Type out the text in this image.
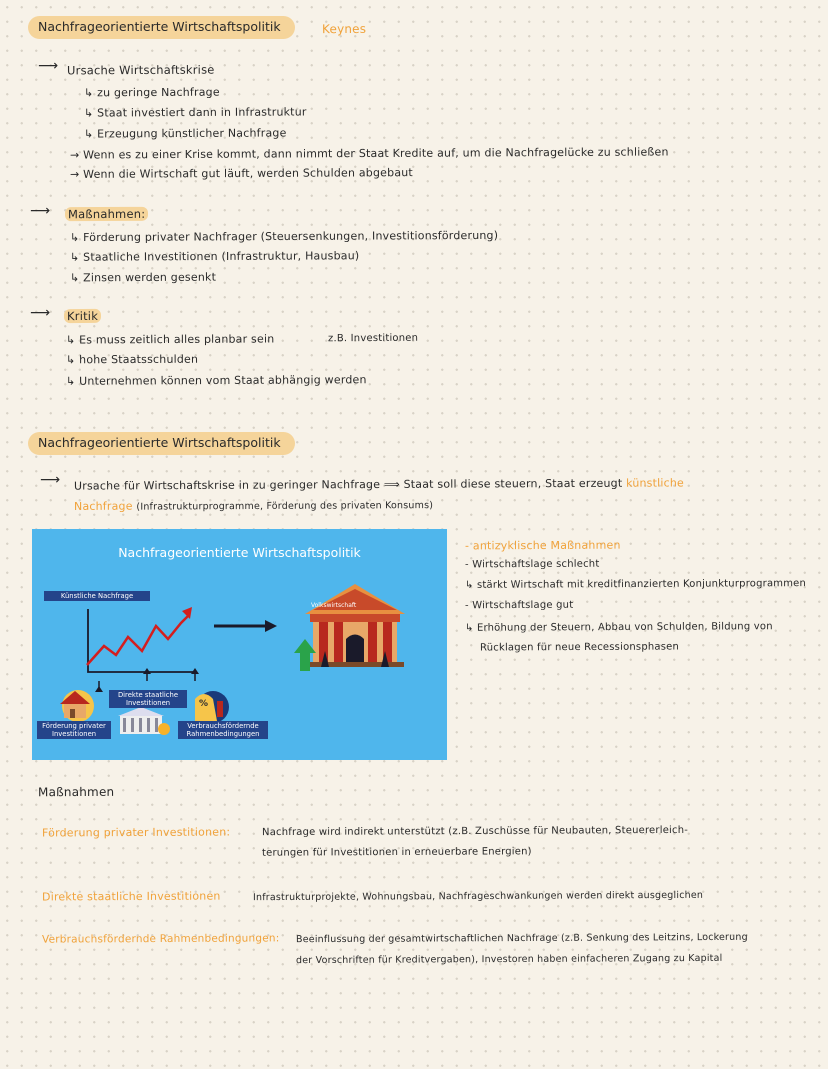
Nachfrageorientierte Wirtschaftspolitik	Keynes
⟶ Ursache Wirtschaftskrise
↳ zu geringe Nachfrage
↳ Staat investiert dann in Infrastruktur
↳ Erzeugung künstlicher Nachfrage
→ Wenn es zu einer Krise kommt, dann nimmt der Staat Kredite auf, um die Nachfragelücke zu schließen
→ Wenn die Wirtschaft gut läuft, werden Schulden abgebaut
⟶ Maßnahmen:
↳ Förderung privater Nachfrager (Steuersenkungen, Investitionsförderung)
↳ Staatliche Investitionen (Infrastruktur, Hausbau)
↳ Zinsen werden gesenkt
⟶ Kritik
↳ Es muss zeitlich alles planbar sein	z.B. Investitionen
↳ hohe Staatsschulden
↳ Unternehmen können vom Staat abhängig werden
Nachfrageorientierte Wirtschaftspolitik
⟶ Ursache für Wirtschaftskrise in zu geringer Nachfrage ⟹ Staat soll diese steuern, Staat erzeugt künstliche
Nachfrage (Infrastrukturprogramme, Förderung des privaten Konsums)
Nachfrageorientierte Wirtschaftspolitik
Künstliche Nachfrage
%
Volkswirtschaft
Direkte staatliche Investitionen
Förderung privater Investitionen
Verbrauchsfördernde Rahmenbedingungen
- antizyklische Maßnahmen
- Wirtschaftslage schlecht
↳ stärkt Wirtschaft mit kreditfinanzierten Konjunkturprogrammen
- Wirtschaftslage gut
↳ Erhöhung der Steuern, Abbau von Schulden, Bildung von
Rücklagen für neue Recessionsphasen
Maßnahmen
Förderung privater Investitionen:	Nachfrage wird indirekt unterstützt (z.B. Zuschüsse für Neubauten, Steuererleich-
terungen für Investitionen in erneuerbare Energien)
Direkte staatliche Investitionen	Infrastrukturprojekte, Wohnungsbau, Nachfrageschwankungen werden direkt ausgeglichen
Verbrauchsfördernde Rahmenbedingungen: Beeinflussung der gesamtwirtschaftlichen Nachfrage (z.B. Senkung des Leitzins, Lockerung
der Vorschriften für Kreditvergaben), Investoren haben einfacheren Zugang zu Kapital
